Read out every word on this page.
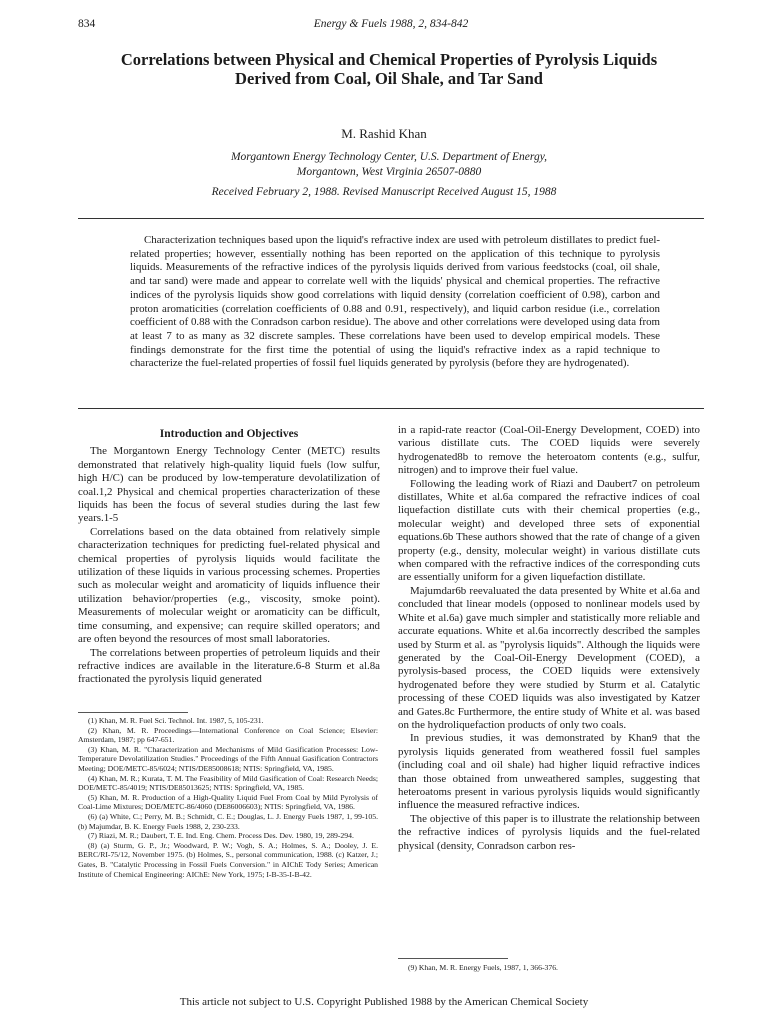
834	Energy & Fuels 1988, 2, 834-842
Correlations between Physical and Chemical Properties of Pyrolysis Liquids Derived from Coal, Oil Shale, and Tar Sand
M. Rashid Khan
Morgantown Energy Technology Center, U.S. Department of Energy,
Morgantown, West Virginia 26507-0880
Received February 2, 1988. Revised Manuscript Received August 15, 1988

Characterization techniques based upon the liquid's refractive index are used with petroleum distillates to predict fuel-related properties; however, essentially nothing has been reported on the application of this technique to pyrolysis liquids. Measurements of the refractive indices of the pyrolysis liquids derived from various feedstocks (coal, oil shale, and tar sand) were made and appear to correlate well with the liquids' physical and chemical properties. The refractive indices of the pyrolysis liquids show good correlations with liquid density (correlation coefficient of 0.98), carbon and proton aromaticities (correlation coefficients of 0.88 and 0.91, respectively), and liquid carbon residue (i.e., correlation coefficient of 0.88 with the Conradson carbon residue). The above and other correlations were developed using data from at least 7 to as many as 32 discrete samples. These correlations have been used to develop empirical models. These findings demonstrate for the first time the potential of using the liquid's refractive index as a rapid technique to characterize the fuel-related properties of fossil fuel liquids generated by pyrolysis (before they are hydrogenated).

Introduction and Objectives

The Morgantown Energy Technology Center (METC) results demonstrated that relatively high-quality liquid fuels (low sulfur, high H/C) can be produced by low-temperature devolatilization of coal.1,2 Physical and chemical properties characterization of these liquids has been the focus of several studies during the last few years.1-5

Correlations based on the data obtained from relatively simple characterization techniques for predicting fuel-related physical and chemical properties of pyrolysis liquids would facilitate the utilization of these liquids in various processing schemes. Properties such as molecular weight and aromaticity of liquids influence their utilization behavior/properties (e.g., viscosity, smoke point). Measurements of molecular weight or aromaticity can be difficult, time consuming, and expensive; can require skilled operators; and are often beyond the resources of most small laboratories.

The correlations between properties of petroleum liquids and their refractive indices are available in the literature.6-8 Sturm et al.8a fractionated the pyrolysis liquid generated

in a rapid-rate reactor (Coal-Oil-Energy Development, COED) into various distillate cuts. The COED liquids were severely hydrogenated8b to remove the heteroatom contents (e.g., sulfur, nitrogen) and to improve their fuel value.

Following the leading work of Riazi and Daubert7 on petroleum distillates, White et al.6a compared the refractive indices of coal liquefaction distillate cuts with their chemical properties (e.g., molecular weight) and developed three sets of exponential equations.6b These authors showed that the rate of change of a given property (e.g., density, molecular weight) in various distillate cuts when compared with the refractive indices of the corresponding cuts are essentially uniform for a given liquefaction distillate.

Majumdar6b reevaluated the data presented by White et al.6a and concluded that linear models (opposed to nonlinear models used by White et al.6a) gave much simpler and statistically more reliable and accurate equations. White et al.6a incorrectly described the samples used by Sturm et al. as "pyrolysis liquids". Although the liquids were generated by the Coal-Oil-Energy Development (COED), a pyrolysis-based process, the COED liquids were extensively hydrogenated before they were studied by Sturm et al. Catalytic processing of these COED liquids was also investigated by Katzer and Gates.8c Furthermore, the entire study of White et al. was based on the hydroliquefaction products of only two coals.

In previous studies, it was demonstrated by Khan9 that the pyrolysis liquids generated from weathered fossil fuel samples (including coal and oil shale) had higher liquid refractive indices than those obtained from unweathered samples, suggesting that heteroatoms present in various pyrolysis liquids would significantly influence the measured refractive indices.

The objective of this paper is to illustrate the relationship between the refractive indices of pyrolysis liquids and the fuel-related physical (density, Conradson carbon res-

(1) Khan, M. R. Fuel Sci. Technol. Int. 1987, 5, 105-231.

(2) Khan, M. R. Proceedings—International Conference on Coal Science; Elsevier: Amsterdam, 1987; pp 647-651.

(3) Khan, M. R. "Characterization and Mechanisms of Mild Gasification Processes: Low-Temperature Devolatilization Studies." Proceedings of the Fifth Annual Gasification Contractors Meeting; DOE/METC-85/6024; NTIS/DE85008618; NTIS: Springfield, VA, 1985.

(4) Khan, M. R.; Kurata, T. M. The Feasibility of Mild Gasification of Coal: Research Needs; DOE/METC-85/4019; NTIS/DE85013625; NTIS: Springfield, VA, 1985.

(5) Khan, M. R. Production of a High-Quality Liquid Fuel From Coal by Mild Pyrolysis of Coal-Lime Mixtures; DOE/METC-86/4060 (DE86006603); NTIS: Springfield, VA, 1986.

(6) (a) White, C.; Perry, M. B.; Schmidt, C. E.; Douglas, L. J. Energy Fuels 1987, 1, 99-105. (b) Majumdar, B. K. Energy Fuels 1988, 2, 230-233.

(7) Riazi, M. R.; Daubert, T. E. Ind. Eng. Chem. Process Des. Dev. 1980, 19, 289-294.

(8) (a) Sturm, G. P., Jr.; Woodward, P. W.; Vogh, S. A.; Holmes, S. A.; Dooley, J. E. BERC/RI-75/12, November 1975. (b) Holmes, S., personal communication, 1988. (c) Katzer, J.; Gates, B. "Catalytic Processing in Fossil Fuels Conversion." in AIChE Tody Series; American Institute of Chemical Engineering: AIChE: New York, 1975; I-B-35-I-B-42.

(9) Khan, M. R. Energy Fuels, 1987, 1, 366-376.

This article not subject to U.S. Copyright Published 1988 by the American Chemical Society
